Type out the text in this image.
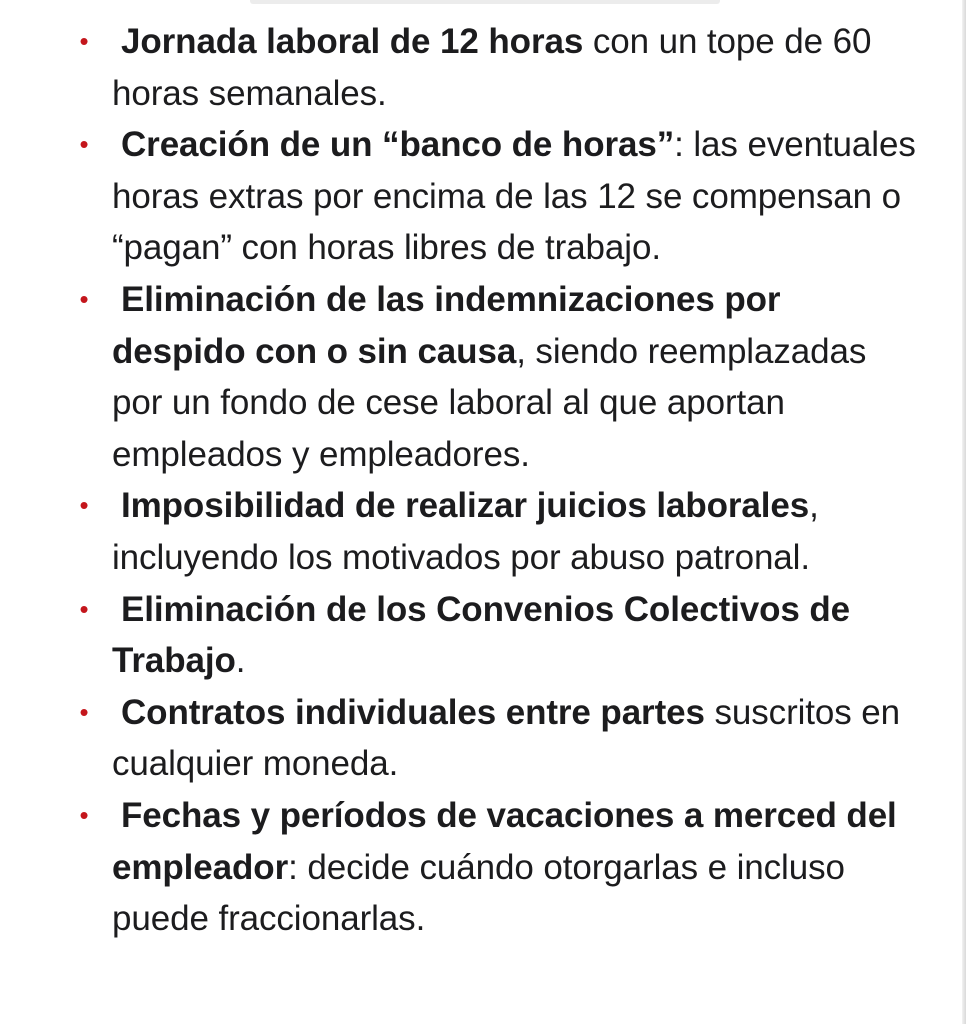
• Jornada laboral de 12 horas con un tope de 60 horas semanales.
• Creación de un “banco de horas”: las eventuales horas extras por encima de las 12 se compensan o “pagan” con horas libres de trabajo.
• Eliminación de las indemnizaciones por despido con o sin causa, siendo reemplazadas por un fondo de cese laboral al que aportan empleados y empleadores.
• Imposibilidad de realizar juicios laborales, incluyendo los motivados por abuso patronal.
• Eliminación de los Convenios Colectivos de Trabajo.
• Contratos individuales entre partes suscritos en cualquier moneda.
• Fechas y períodos de vacaciones a merced del empleador: decide cuándo otorgarlas e incluso puede fraccionarlas.
